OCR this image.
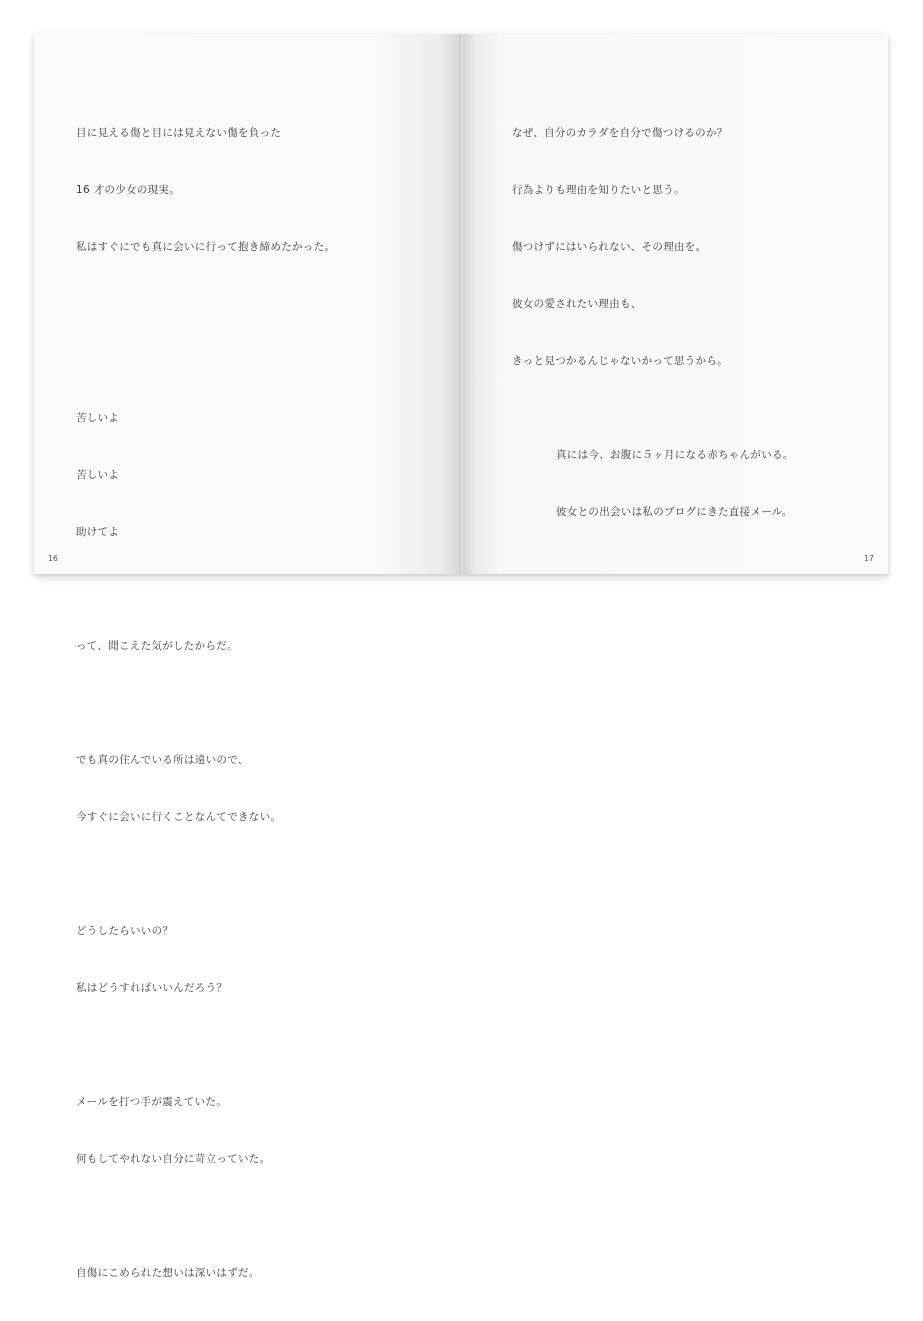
目に見える傷と目には見えない傷を負った

16 才の少女の現実。

私はすぐにでも真に会いに行って抱き締めたかった。

苦しいよ

苦しいよ

助けてよ

って、聞こえた気がしたからだ。

でも真の住んでいる所は遠いので、

今すぐに会いに行くことなんてできない。

どうしたらいいの？

私はどうすればいいんだろう？

メールを打つ手が震えていた。

何もしてやれない自分に苛立っていた。

自傷にこめられた想いは深いはずだ。

16

なぜ、自分のカラダを自分で傷つけるのか？

行為よりも理由を知りたいと思う。

傷つけずにはいられない、その理由を。

彼女の愛されたい理由も、

きっと見つかるんじゃないかって思うから。

真には今、お腹に５ヶ月になる赤ちゃんがいる。

彼女との出会いは私のブログにきた直接メール。

17
